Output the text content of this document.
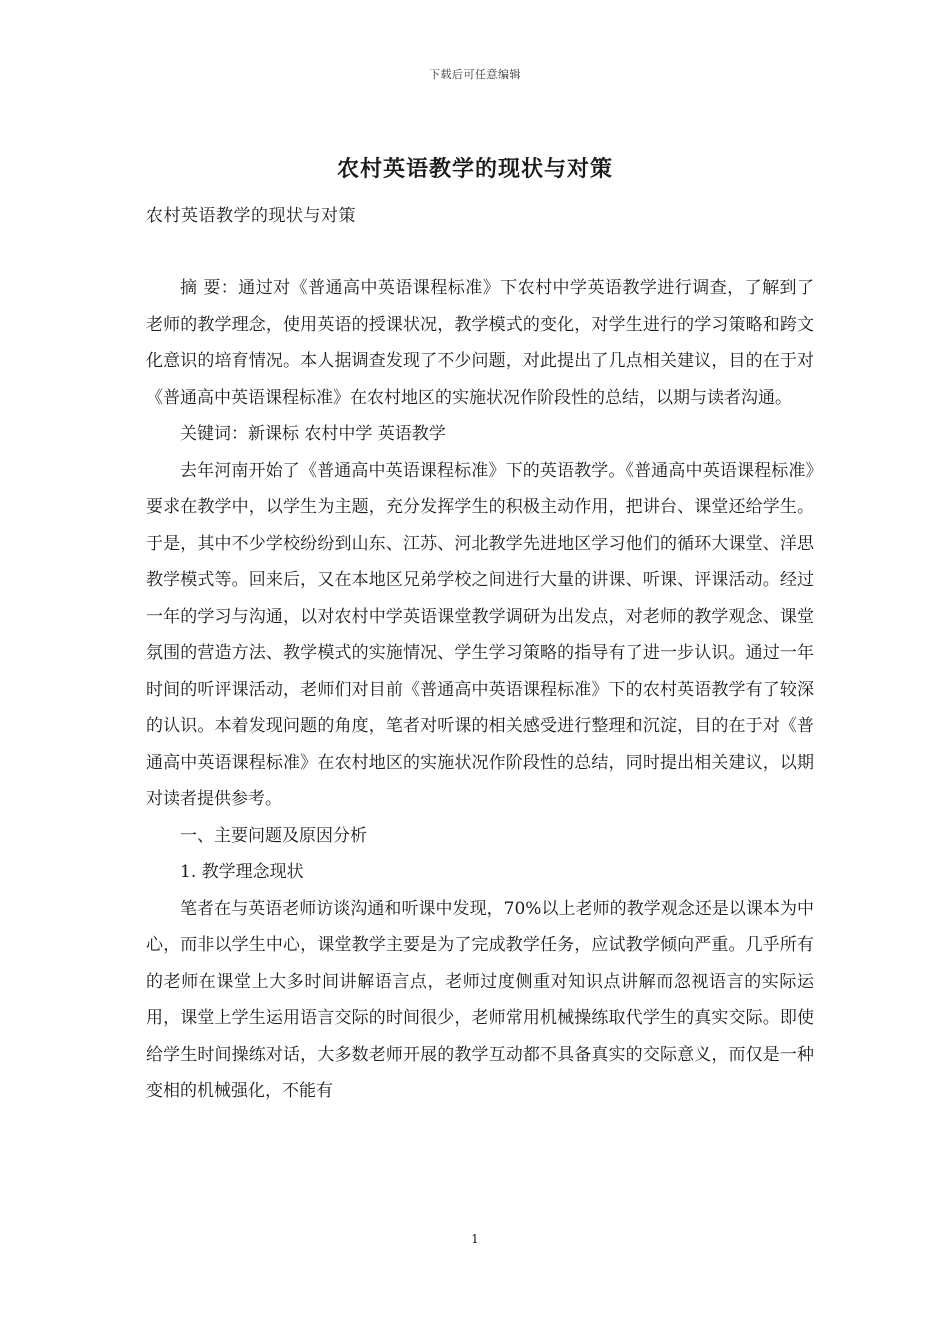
下载后可任意编辑
农村英语教学的现状与对策
农村英语教学的现状与对策

摘 要：通过对《普通高中英语课程标准》下农村中学英语教学进行调查，了解到了老师的教学理念，使用英语的授课状况，教学模式的变化，对学生进行的学习策略和跨文化意识的培育情况。本人据调查发现了不少问题，对此提出了几点相关建议，目的在于对《普通高中英语课程标准》在农村地区的实施状况作阶段性的总结，以期与读者沟通。

关键词：新课标 农村中学 英语教学

去年河南开始了《普通高中英语课程标准》下的英语教学。《普通高中英语课程标准》要求在教学中，以学生为主题，充分发挥学生的积极主动作用，把讲台、课堂还给学生。于是，其中不少学校纷纷到山东、江苏、河北教学先进地区学习他们的循环大课堂、洋思教学模式等。回来后，又在本地区兄弟学校之间进行大量的讲课、听课、评课活动。经过一年的学习与沟通，以对农村中学英语课堂教学调研为出发点，对老师的教学观念、课堂氛围的营造方法、教学模式的实施情况、学生学习策略的指导有了进一步认识。通过一年时间的听评课活动，老师们对目前《普通高中英语课程标准》下的农村英语教学有了较深的认识。本着发现问题的角度，笔者对听课的相关感受进行整理和沉淀，目的在于对《普通高中英语课程标准》在农村地区的实施状况作阶段性的总结，同时提出相关建议，以期对读者提供参考。

一、主要问题及原因分析

1. 教学理念现状

笔者在与英语老师访谈沟通和听课中发现，70%以上老师的教学观念还是以课本为中心，而非以学生中心，课堂教学主要是为了完成教学任务，应试教学倾向严重。几乎所有的老师在课堂上大多时间讲解语言点，老师过度侧重对知识点讲解而忽视语言的实际运用，课堂上学生运用语言交际的时间很少，老师常用机械操练取代学生的真实交际。即使给学生时间操练对话，大多数老师开展的教学互动都不具备真实的交际意义，而仅是一种变相的机械强化，不能有

1
